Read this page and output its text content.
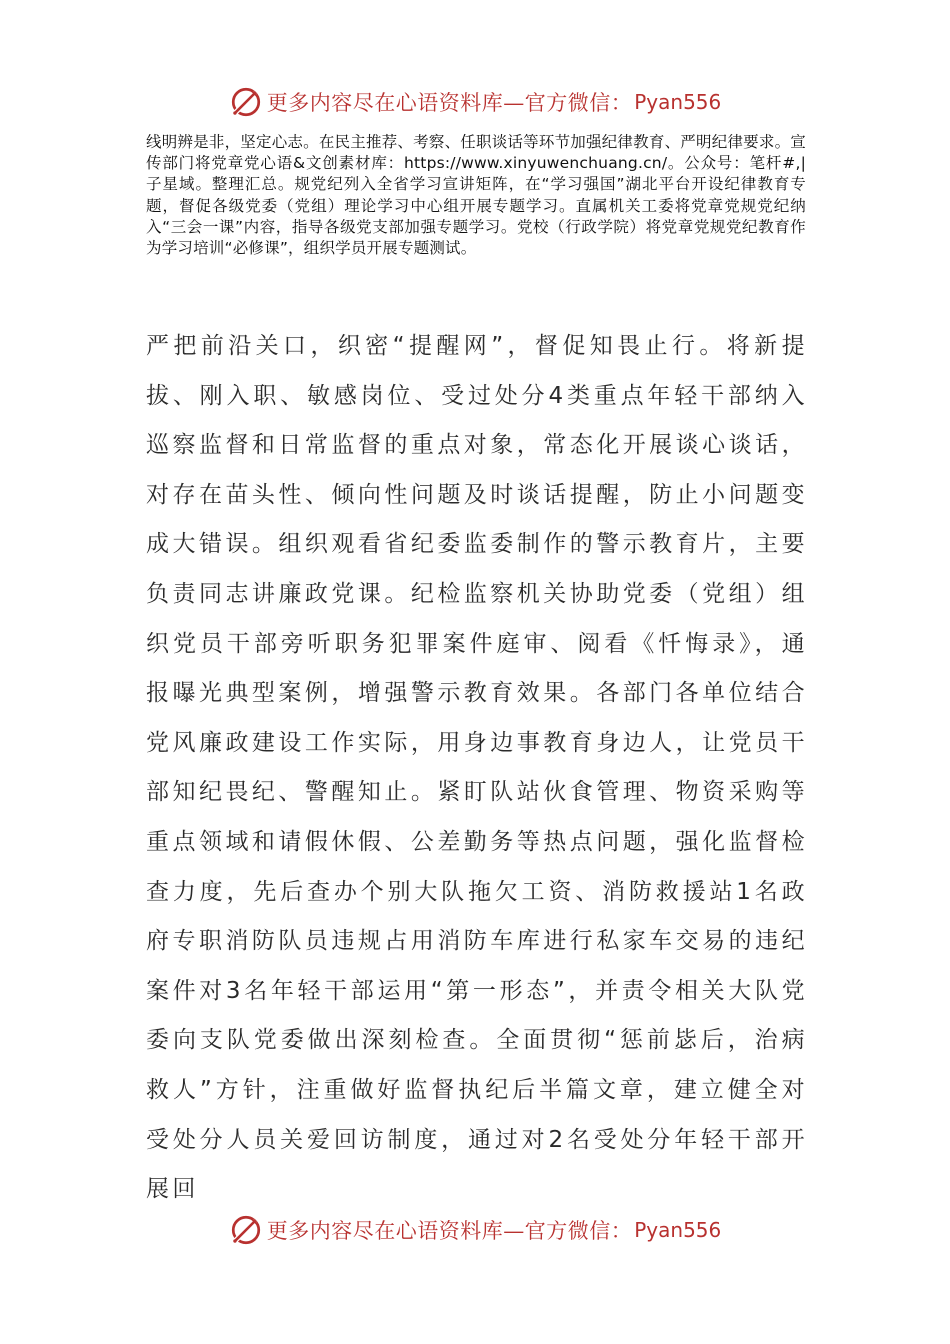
更多内容尽在心语资料库—官方微信： Pyan556

线明辨是非，坚定心志。在民主推荐、考察、任职谈话等环节加强纪律教育、严明纪律要求。宣传部门将党章党心语&文创素材库：https://www.xinyuwenchuang.cn/。公众号：笔杆#,|子星域。整理汇总。规党纪列入全省学习宣讲矩阵，在“学习强国”湖北平台开设纪律教育专题，督促各级党委（党组）理论学习中心组开展专题学习。直属机关工委将党章党规党纪纳入“三会一课”内容，指导各级党支部加强专题学习。党校（行政学院）将党章党规党纪教育作为学习培训“必修课”，组织学员开展专题测试。

严把前沿关口，织密“提醒网”，督促知畏止行。将新提拔、刚入职、敏感岗位、受过处分4类重点年轻干部纳入巡察监督和日常监督的重点对象，常态化开展谈心谈话，对存在苗头性、倾向性问题及时谈话提醒，防止小问题变成大错误。组织观看省纪委监委制作的警示教育片，主要负责同志讲廉政党课。纪检监察机关协助党委（党组）组织党员干部旁听职务犯罪案件庭审、阅看《忏悔录》，通报曝光典型案例，增强警示教育效果。各部门各单位结合党风廉政建设工作实际，用身边事教育身边人，让党员干部知纪畏纪、警醒知止。紧盯队站伙食管理、物资采购等重点领域和请假休假、公差勤务等热点问题，强化监督检查力度，先后查办个别大队拖欠工资、消防救援站1名政府专职消防队员违规占用消防车库进行私家车交易的违纪案件对3名年轻干部运用“第一形态”，并责令相关大队党委向支队党委做出深刻检查。全面贯彻“惩前毖后，治病救人”方针，注重做好监督执纪后半篇文章，建立健全对受处分人员关爱回访制度，通过对2名受处分年轻干部开展回

更多内容尽在心语资料库—官方微信： Pyan556
